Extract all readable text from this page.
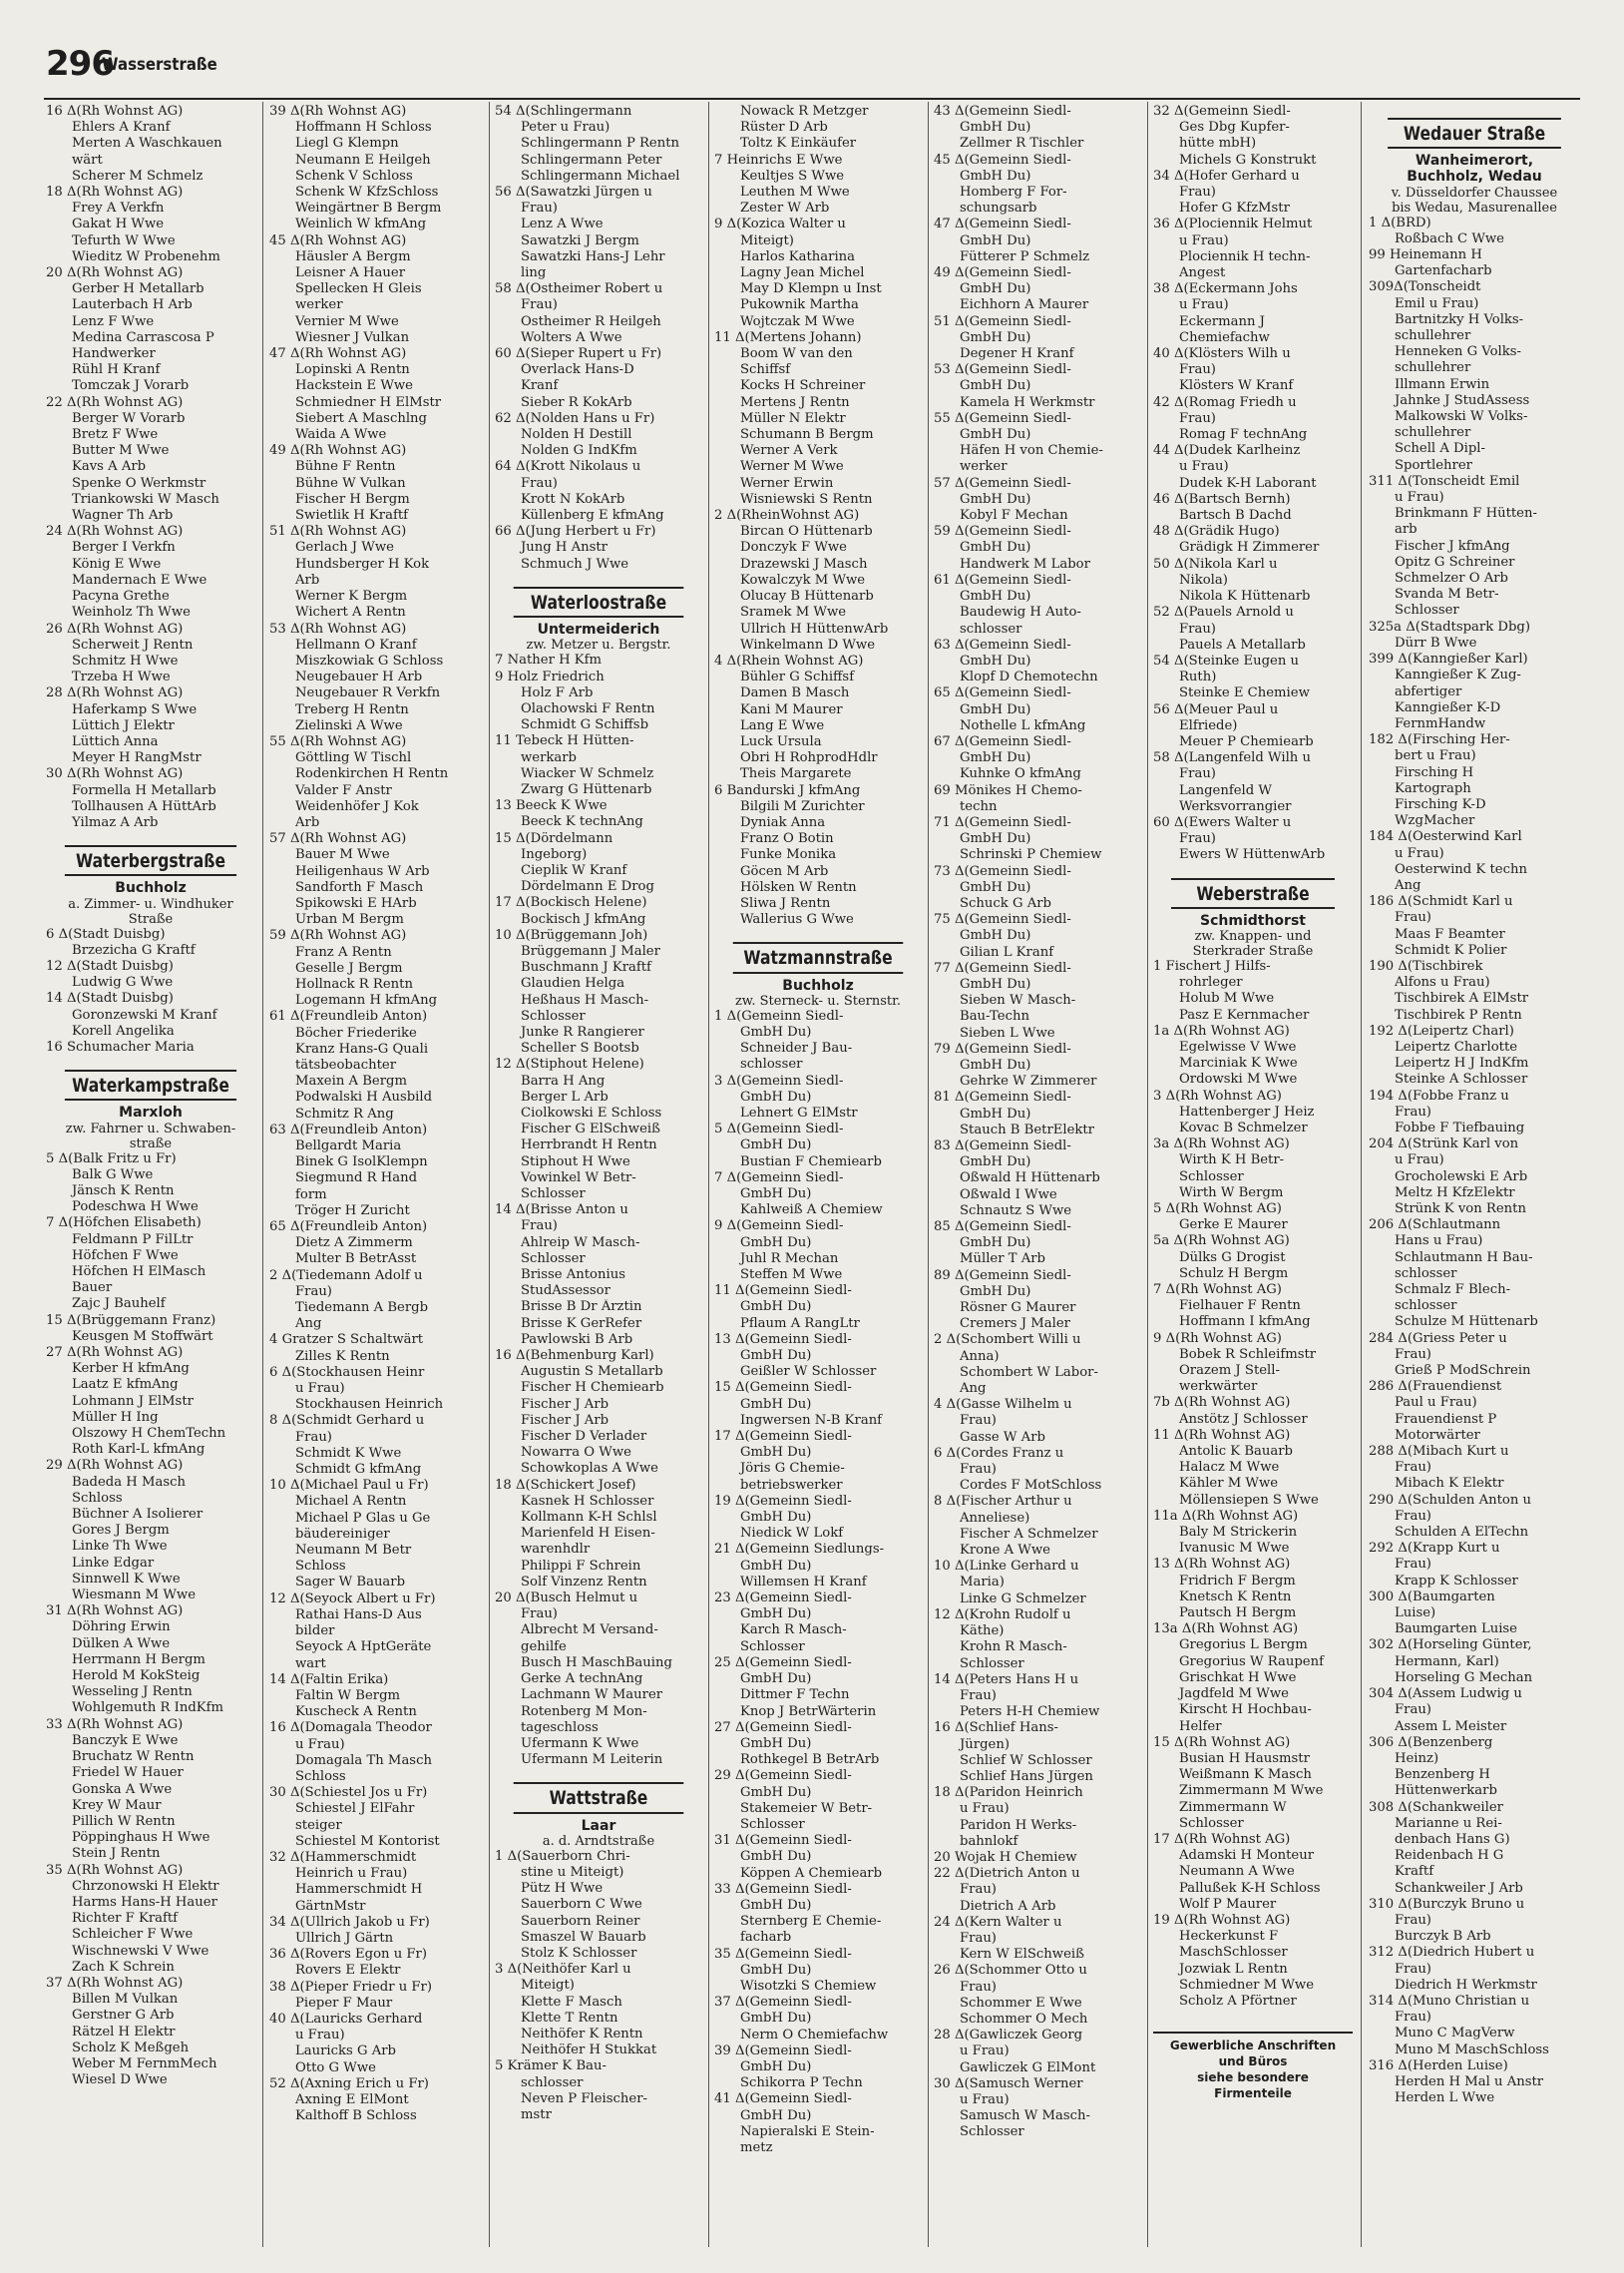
296
Wasserstraße
16 Δ(Rh Wohnst AG)
Ehlers A Kranf
Merten A Waschkauen
wärt
Scherer M Schmelz
18 Δ(Rh Wohnst AG)
Frey A Verkfn
Gakat H Wwe
Tefurth W Wwe
Wieditz W Probenehm
20 Δ(Rh Wohnst AG)
Gerber H Metallarb
Lauterbach H Arb
Lenz F Wwe
Medina Carrascosa P
Handwerker
Rühl H Kranf
Tomczak J Vorarb
22 Δ(Rh Wohnst AG)
Berger W Vorarb
Bretz F Wwe
Butter M Wwe
Kavs A Arb
Spenke O Werkmstr
Triankowski W Masch
Wagner Th Arb
24 Δ(Rh Wohnst AG)
Berger I Verkfn
König E Wwe
Mandernach E Wwe
Pacyna Grethe
Weinholz Th Wwe
26 Δ(Rh Wohnst AG)
Scherweit J Rentn
Schmitz H Wwe
Trzeba H Wwe
28 Δ(Rh Wohnst AG)
Haferkamp S Wwe
Lüttich J Elektr
Lüttich Anna
Meyer H RangMstr
30 Δ(Rh Wohnst AG)
Formella H Metallarb
Tollhausen A HüttArb
Yilmaz A Arb
Waterbergstraße
Buchholz
a. Zimmer- u. Windhuker
Straße
6 Δ(Stadt Duisbg)
Brzezicha G Kraftf
12 Δ(Stadt Duisbg)
Ludwig G Wwe
14 Δ(Stadt Duisbg)
Goronzewski M Kranf
Korell Angelika
16 Schumacher Maria
Waterkampstraße
Marxloh
zw. Fahrner u. Schwaben-
straße
5 Δ(Balk Fritz u Fr)
Balk G Wwe
Jänsch K Rentn
Podeschwa H Wwe
7 Δ(Höfchen Elisabeth)
Feldmann P FilLtr
Höfchen F Wwe
Höfchen H ElMasch
Bauer
Zajc J Bauhelf
15 Δ(Brüggemann Franz)
Keusgen M Stoffwärt
27 Δ(Rh Wohnst AG)
Kerber H kfmAng
Laatz E kfmAng
Lohmann J ElMstr
Müller H Ing
Olszowy H ChemTechn
Roth Karl-L kfmAng
29 Δ(Rh Wohnst AG)
Badeda H Masch
Schloss
Büchner A Isolierer
Gores J Bergm
Linke Th Wwe
Linke Edgar
Sinnwell K Wwe
Wiesmann M Wwe
31 Δ(Rh Wohnst AG)
Döhring Erwin
Dülken A Wwe
Herrmann H Bergm
Herold M KokSteig
Wesseling J Rentn
Wohlgemuth R IndKfm
33 Δ(Rh Wohnst AG)
Banczyk E Wwe
Bruchatz W Rentn
Friedel W Hauer
Gonska A Wwe
Krey W Maur
Pillich W Rentn
Pöppinghaus H Wwe
Stein J Rentn
35 Δ(Rh Wohnst AG)
Chrzonowski H Elektr
Harms Hans-H Hauer
Richter F Kraftf
Schleicher F Wwe
Wischnewski V Wwe
Zach K Schrein
37 Δ(Rh Wohnst AG)
Billen M Vulkan
Gerstner G Arb
Rätzel H Elektr
Scholz K Meßgeh
Weber M FernmMech
Wiesel D Wwe
39 Δ(Rh Wohnst AG)
Hoffmann H Schloss
Liegl G Klempn
Neumann E Heilgeh
Schenk V Schloss
Schenk W KfzSchloss
Weingärtner B Bergm
Weinlich W kfmAng
45 Δ(Rh Wohnst AG)
Häusler A Bergm
Leisner A Hauer
Spellecken H Gleis
werker
Vernier M Wwe
Wiesner J Vulkan
47 Δ(Rh Wohnst AG)
Lopinski A Rentn
Hackstein E Wwe
Schmiedner H ElMstr
Siebert A Maschlng
Waida A Wwe
49 Δ(Rh Wohnst AG)
Bühne F Rentn
Bühne W Vulkan
Fischer H Bergm
Swietlik H Kraftf
51 Δ(Rh Wohnst AG)
Gerlach J Wwe
Hundsberger H Kok
Arb
Werner K Bergm
Wichert A Rentn
53 Δ(Rh Wohnst AG)
Hellmann O Kranf
Miszkowiak G Schloss
Neugebauer H Arb
Neugebauer R Verkfn
Treberg H Rentn
Zielinski A Wwe
55 Δ(Rh Wohnst AG)
Göttling W Tischl
Rodenkirchen H Rentn
Valder F Anstr
Weidenhöfer J Kok
Arb
57 Δ(Rh Wohnst AG)
Bauer M Wwe
Heiligenhaus W Arb
Sandforth F Masch
Spikowski E HArb
Urban M Bergm
59 Δ(Rh Wohnst AG)
Franz A Rentn
Geselle J Bergm
Hollnack R Rentn
Logemann H kfmAng
61 Δ(Freundleib Anton)
Böcher Friederike
Kranz Hans-G Quali
tätsbeobachter
Maxein A Bergm
Podwalski H Ausbild
Schmitz R Ang
63 Δ(Freundleib Anton)
Bellgardt Maria
Binek G IsolKlempn
Siegmund R Hand
form
Tröger H Zuricht
65 Δ(Freundleib Anton)
Dietz A Zimmerm
Multer B BetrAsst
2 Δ(Tiedemann Adolf u
Frau)
Tiedemann A Bergb
Ang
4 Gratzer S Schaltwärt
Zilles K Rentn
6 Δ(Stockhausen Heinr
u Frau)
Stockhausen Heinrich
8 Δ(Schmidt Gerhard u
Frau)
Schmidt K Wwe
Schmidt G kfmAng
10 Δ(Michael Paul u Fr)
Michael A Rentn
Michael P Glas u Ge
bäudereiniger
Neumann M Betr
Schloss
Sager W Bauarb
12 Δ(Seyock Albert u Fr)
Rathai Hans-D Aus
bilder
Seyock A HptGeräte
wart
14 Δ(Faltin Erika)
Faltin W Bergm
Kuscheck A Rentn
16 Δ(Domagala Theodor
u Frau)
Domagala Th Masch
Schloss
30 Δ(Schiestel Jos u Fr)
Schiestel J ElFahr
steiger
Schiestel M Kontorist
32 Δ(Hammerschmidt
Heinrich u Frau)
Hammerschmidt H
GärtnMstr
34 Δ(Ullrich Jakob u Fr)
Ullrich J Gärtn
36 Δ(Rovers Egon u Fr)
Rovers E Elektr
38 Δ(Pieper Friedr u Fr)
Pieper F Maur
40 Δ(Lauricks Gerhard
u Frau)
Lauricks G Arb
Otto G Wwe
52 Δ(Axning Erich u Fr)
Axning E ElMont
Kalthoff B Schloss
54 Δ(Schlingermann
Peter u Frau)
Schlingermann P Rentn
Schlingermann Peter
Schlingermann Michael
56 Δ(Sawatzki Jürgen u
Frau)
Lenz A Wwe
Sawatzki J Bergm
Sawatzki Hans-J Lehr
ling
58 Δ(Ostheimer Robert u
Frau)
Ostheimer R Heilgeh
Wolters A Wwe
60 Δ(Sieper Rupert u Fr)
Overlack Hans-D
Kranf
Sieber R KokArb
62 Δ(Nolden Hans u Fr)
Nolden H Destill
Nolden G IndKfm
64 Δ(Krott Nikolaus u
Frau)
Krott N KokArb
Küllenberg E kfmAng
66 Δ(Jung Herbert u Fr)
Jung H Anstr
Schmuch J Wwe
Waterloostraße
Untermeiderich
zw. Metzer u. Bergstr.
7 Nather H Kfm
9 Holz Friedrich
Holz F Arb
Olachowski F Rentn
Schmidt G Schiffsb
11 Tebeck H Hütten-
werkarb
Wiacker W Schmelz
Zwarg G Hüttenarb
13 Beeck K Wwe
Beeck K technAng
15 Δ(Dördelmann
Ingeborg)
Cieplik W Kranf
Dördelmann E Drog
17 Δ(Bockisch Helene)
Bockisch J kfmAng
10 Δ(Brüggemann Joh)
Brüggemann J Maler
Buschmann J Kraftf
Glaudien Helga
Heßhaus H Masch-
Schlosser
Junke R Rangierer
Scheller S Bootsb
12 Δ(Stiphout Helene)
Barra H Ang
Berger L Arb
Ciolkowski E Schloss
Fischer G ElSchweiß
Herrbrandt H Rentn
Stiphout H Wwe
Vowinkel W Betr-
Schlosser
14 Δ(Brisse Anton u
Frau)
Ahlreip W Masch-
Schlosser
Brisse Antonius
StudAssessor
Brisse B Dr Ärztin
Brisse K GerRefer
Pawlowski B Arb
16 Δ(Behmenburg Karl)
Augustin S Metallarb
Fischer H Chemiearb
Fischer J Arb
Fischer J Arb
Fischer D Verlader
Nowarra O Wwe
Schowkoplas A Wwe
18 Δ(Schickert Josef)
Kasnek H Schlosser
Kollmann K-H Schlsl
Marienfeld H Eisen-
warenhdlr
Philippi F Schrein
Solf Vinzenz Rentn
20 Δ(Busch Helmut u
Frau)
Albrecht M Versand-
gehilfe
Busch H MaschBauing
Gerke A technAng
Lachmann W Maurer
Rotenberg M Mon-
tageschloss
Ufermann K Wwe
Ufermann M Leiterin
Wattstraße
Laar
a. d. Arndtstraße
1 Δ(Sauerborn Chri-
stine u Miteigt)
Pütz H Wwe
Sauerborn C Wwe
Sauerborn Reiner
Smaszel W Bauarb
Stolz K Schlosser
3 Δ(Neithöfer Karl u
Miteigt)
Klette F Masch
Klette T Rentn
Neithöfer K Rentn
Neithöfer H Stukkat
5 Krämer K Bau-
schlosser
Neven P Fleischer-
mstr
Nowack R Metzger
Rüster D Arb
Toltz K Einkäufer
7 Heinrichs E Wwe
Keultjes S Wwe
Leuthen M Wwe
Zester W Arb
9 Δ(Kozica Walter u
Miteigt)
Harlos Katharina
Lagny Jean Michel
May D Klempn u Inst
Pukownik Martha
Wojtczak M Wwe
11 Δ(Mertens Johann)
Boom W van den
Schiffsf
Kocks H Schreiner
Mertens J Rentn
Müller N Elektr
Schumann B Bergm
Werner A Verk
Werner M Wwe
Werner Erwin
Wisniewski S Rentn
2 Δ(RheinWohnst AG)
Bircan O Hüttenarb
Donczyk F Wwe
Drazewski J Masch
Kowalczyk M Wwe
Olucay B Hüttenarb
Sramek M Wwe
Ullrich H HüttenwArb
Winkelmann D Wwe
4 Δ(Rhein Wohnst AG)
Bühler G Schiffsf
Damen B Masch
Kani M Maurer
Lang E Wwe
Luck Ursula
Obri H RohprodHdlr
Theis Margarete
6 Bandurski J kfmAng
Bilgili M Zurichter
Dyniak Anna
Franz O Botin
Funke Monika
Göcen M Arb
Hölsken W Rentn
Sliwa J Rentn
Wallerius G Wwe
Watzmannstraße
Buchholz
zw. Sterneck- u. Sternstr.
1 Δ(Gemeinn Siedl-
GmbH Du)
Schneider J Bau-
schlosser
3 Δ(Gemeinn Siedl-
GmbH Du)
Lehnert G ElMstr
5 Δ(Gemeinn Siedl-
GmbH Du)
Bustian F Chemiearb
7 Δ(Gemeinn Siedl-
GmbH Du)
Kahlweiß A Chemiew
9 Δ(Gemeinn Siedl-
GmbH Du)
Juhl R Mechan
Steffen M Wwe
11 Δ(Gemeinn Siedl-
GmbH Du)
Pflaum A RangLtr
13 Δ(Gemeinn Siedl-
GmbH Du)
Geißler W Schlosser
15 Δ(Gemeinn Siedl-
GmbH Du)
Ingwersen N-B Kranf
17 Δ(Gemeinn Siedl-
GmbH Du)
Jöris G Chemie-
betriebswerker
19 Δ(Gemeinn Siedl-
GmbH Du)
Niedick W Lokf
21 Δ(Gemeinn Siedlungs-
GmbH Du)
Willemsen H Kranf
23 Δ(Gemeinn Siedl-
GmbH Du)
Karch R Masch-
Schlosser
25 Δ(Gemeinn Siedl-
GmbH Du)
Dittmer F Techn
Knop J BetrWärterin
27 Δ(Gemeinn Siedl-
GmbH Du)
Rothkegel B BetrArb
29 Δ(Gemeinn Siedl-
GmbH Du)
Stakemeier W Betr-
Schlosser
31 Δ(Gemeinn Siedl-
GmbH Du)
Köppen A Chemiearb
33 Δ(Gemeinn Siedl-
GmbH Du)
Sternberg E Chemie-
facharb
35 Δ(Gemeinn Siedl-
GmbH Du)
Wisotzki S Chemiew
37 Δ(Gemeinn Siedl-
GmbH Du)
Nerm O Chemiefachw
39 Δ(Gemeinn Siedl-
GmbH Du)
Schikorra P Techn
41 Δ(Gemeinn Siedl-
GmbH Du)
Napieralski E Stein-
metz
43 Δ(Gemeinn Siedl-
GmbH Du)
Zellmer R Tischler
45 Δ(Gemeinn Siedl-
GmbH Du)
Homberg F For-
schungsarb
47 Δ(Gemeinn Siedl-
GmbH Du)
Fütterer P Schmelz
49 Δ(Gemeinn Siedl-
GmbH Du)
Eichhorn A Maurer
51 Δ(Gemeinn Siedl-
GmbH Du)
Degener H Kranf
53 Δ(Gemeinn Siedl-
GmbH Du)
Kamela H Werkmstr
55 Δ(Gemeinn Siedl-
GmbH Du)
Häfen H von Chemie-
werker
57 Δ(Gemeinn Siedl-
GmbH Du)
Kobyl F Mechan
59 Δ(Gemeinn Siedl-
GmbH Du)
Handwerk M Labor
61 Δ(Gemeinn Siedl-
GmbH Du)
Baudewig H Auto-
schlosser
63 Δ(Gemeinn Siedl-
GmbH Du)
Klopf D Chemotechn
65 Δ(Gemeinn Siedl-
GmbH Du)
Nothelle L kfmAng
67 Δ(Gemeinn Siedl-
GmbH Du)
Kuhnke O kfmAng
69 Mönikes H Chemo-
techn
71 Δ(Gemeinn Siedl-
GmbH Du)
Schrinski P Chemiew
73 Δ(Gemeinn Siedl-
GmbH Du)
Schuck G Arb
75 Δ(Gemeinn Siedl-
GmbH Du)
Gilian L Kranf
77 Δ(Gemeinn Siedl-
GmbH Du)
Sieben W Masch-
Bau-Techn
Sieben L Wwe
79 Δ(Gemeinn Siedl-
GmbH Du)
Gehrke W Zimmerer
81 Δ(Gemeinn Siedl-
GmbH Du)
Stauch B BetrElektr
83 Δ(Gemeinn Siedl-
GmbH Du)
Oßwald H Hüttenarb
Oßwald I Wwe
Schnautz S Wwe
85 Δ(Gemeinn Siedl-
GmbH Du)
Müller T Arb
89 Δ(Gemeinn Siedl-
GmbH Du)
Rösner G Maurer
Cremers J Maler
2 Δ(Schombert Willi u
Anna)
Schombert W Labor-
Ang
4 Δ(Gasse Wilhelm u
Frau)
Gasse W Arb
6 Δ(Cordes Franz u
Frau)
Cordes F MotSchloss
8 Δ(Fischer Arthur u
Anneliese)
Fischer A Schmelzer
Krone A Wwe
10 Δ(Linke Gerhard u
Maria)
Linke G Schmelzer
12 Δ(Krohn Rudolf u
Käthe)
Krohn R Masch-
Schlosser
14 Δ(Peters Hans H u
Frau)
Peters H-H Chemiew
16 Δ(Schlief Hans-
Jürgen)
Schlief W Schlosser
Schlief Hans Jürgen
18 Δ(Paridon Heinrich
u Frau)
Paridon H Werks-
bahnlokf
20 Wojak H Chemiew
22 Δ(Dietrich Anton u
Frau)
Dietrich A Arb
24 Δ(Kern Walter u
Frau)
Kern W ElSchweiß
26 Δ(Schommer Otto u
Frau)
Schommer E Wwe
Schommer O Mech
28 Δ(Gawliczek Georg
u Frau)
Gawliczek G ElMont
30 Δ(Samusch Werner
u Frau)
Samusch W Masch-
Schlosser
32 Δ(Gemeinn Siedl-
Ges Dbg Kupfer-
hütte mbH)
Michels G Konstrukt
34 Δ(Hofer Gerhard u
Frau)
Hofer G KfzMstr
36 Δ(Plociennik Helmut
u Frau)
Plociennik H techn-
Angest
38 Δ(Eckermann Johs
u Frau)
Eckermann J
Chemiefachw
40 Δ(Klösters Wilh u
Frau)
Klösters W Kranf
42 Δ(Romag Friedh u
Frau)
Romag F technAng
44 Δ(Dudek Karlheinz
u Frau)
Dudek K-H Laborant
46 Δ(Bartsch Bernh)
Bartsch B Dachd
48 Δ(Grädik Hugo)
Grädigk H Zimmerer
50 Δ(Nikola Karl u
Nikola)
Nikola K Hüttenarb
52 Δ(Pauels Arnold u
Frau)
Pauels A Metallarb
54 Δ(Steinke Eugen u
Ruth)
Steinke E Chemiew
56 Δ(Meuer Paul u
Elfriede)
Meuer P Chemiearb
58 Δ(Langenfeld Wilh u
Frau)
Langenfeld W
Werksvorrangier
60 Δ(Ewers Walter u
Frau)
Ewers W HüttenwArb
Weberstraße
Schmidthorst
zw. Knappen- und
Sterkrader Straße
1 Fischert J Hilfs-
rohrleger
Holub M Wwe
Pasz E Kernmacher
1a Δ(Rh Wohnst AG)
Egelwisse V Wwe
Marciniak K Wwe
Ordowski M Wwe
3 Δ(Rh Wohnst AG)
Hattenberger J Heiz
Kovac B Schmelzer
3a Δ(Rh Wohnst AG)
Wirth K H Betr-
Schlosser
Wirth W Bergm
5 Δ(Rh Wohnst AG)
Gerke E Maurer
5a Δ(Rh Wohnst AG)
Dülks G Drogist
Schulz H Bergm
7 Δ(Rh Wohnst AG)
Fielhauer F Rentn
Hoffmann I kfmAng
9 Δ(Rh Wohnst AG)
Bobek R Schleifmstr
Orazem J Stell-
werkwärter
7b Δ(Rh Wohnst AG)
Anstötz J Schlosser
11 Δ(Rh Wohnst AG)
Antolic K Bauarb
Halacz M Wwe
Kähler M Wwe
Möllensiepen S Wwe
11a Δ(Rh Wohnst AG)
Baly M Strickerin
Ivanusic M Wwe
13 Δ(Rh Wohnst AG)
Fridrich F Bergm
Knetsch K Rentn
Pautsch H Bergm
13a Δ(Rh Wohnst AG)
Gregorius L Bergm
Gregorius W Raupenf
Grischkat H Wwe
Jagdfeld M Wwe
Kirscht H Hochbau-
Helfer
15 Δ(Rh Wohnst AG)
Busian H Hausmstr
Weißmann K Masch
Zimmermann M Wwe
Zimmermann W
Schlosser
17 Δ(Rh Wohnst AG)
Adamski H Monteur
Neumann A Wwe
Pallußek K-H Schloss
Wolf P Maurer
19 Δ(Rh Wohnst AG)
Heckerkunst F
MaschSchlosser
Jozwiak L Rentn
Schmiedner M Wwe
Scholz A Pförtner
Gewerbliche Anschriften
und Büros
siehe besondere
Firmenteile
Wedauer Straße
Wanheimerort,
Buchholz, Wedau
v. Düsseldorfer Chaussee
bis Wedau, Masurenallee
1 Δ(BRD)
Roßbach C Wwe
99 Heinemann H
Gartenfacharb
309Δ(Tonscheidt
Emil u Frau)
Bartnitzky H Volks-
schullehrer
Henneken G Volks-
schullehrer
Illmann Erwin
Jahnke J StudAssess
Malkowski W Volks-
schullehrer
Schell A Dipl-
Sportlehrer
311 Δ(Tonscheidt Emil
u Frau)
Brinkmann F Hütten-
arb
Fischer J kfmAng
Opitz G Schreiner
Schmelzer O Arb
Svanda M Betr-
Schlosser
325a Δ(Stadtspark Dbg)
Dürr B Wwe
399 Δ(Kanngießer Karl)
Kanngießer K Zug-
abfertiger
Kanngießer K-D
FernmHandw
182 Δ(Firsching Her-
bert u Frau)
Firsching H
Kartograph
Firsching K-D
WzgMacher
184 Δ(Oesterwind Karl
u Frau)
Oesterwind K techn
Ang
186 Δ(Schmidt Karl u
Frau)
Maas F Beamter
Schmidt K Polier
190 Δ(Tischbirek
Alfons u Frau)
Tischbirek A ElMstr
Tischbirek P Rentn
192 Δ(Leipertz Charl)
Leipertz Charlotte
Leipertz H J IndKfm
Steinke A Schlosser
194 Δ(Fobbe Franz u
Frau)
Fobbe F Tiefbauing
204 Δ(Strünk Karl von
u Frau)
Grocholewski E Arb
Meltz H KfzElektr
Strünk K von Rentn
206 Δ(Schlautmann
Hans u Frau)
Schlautmann H Bau-
schlosser
Schmalz F Blech-
schlosser
Schulze M Hüttenarb
284 Δ(Griess Peter u
Frau)
Grieß P ModSchrein
286 Δ(Frauendienst
Paul u Frau)
Frauendienst P
Motorwärter
288 Δ(Mibach Kurt u
Frau)
Mibach K Elektr
290 Δ(Schulden Anton u
Frau)
Schulden A ElTechn
292 Δ(Krapp Kurt u
Frau)
Krapp K Schlosser
300 Δ(Baumgarten
Luise)
Baumgarten Luise
302 Δ(Horseling Günter,
Hermann, Karl)
Horseling G Mechan
304 Δ(Assem Ludwig u
Frau)
Assem L Meister
306 Δ(Benzenberg
Heinz)
Benzenberg H
Hüttenwerkarb
308 Δ(Schankweiler
Marianne u Rei-
denbach Hans G)
Reidenbach H G
Kraftf
Schankweiler J Arb
310 Δ(Burczyk Bruno u
Frau)
Burczyk B Arb
312 Δ(Diedrich Hubert u
Frau)
Diedrich H Werkmstr
314 Δ(Muno Christian u
Frau)
Muno C MagVerw
Muno M MaschSchloss
316 Δ(Herden Luise)
Herden H Mal u Anstr
Herden L Wwe
